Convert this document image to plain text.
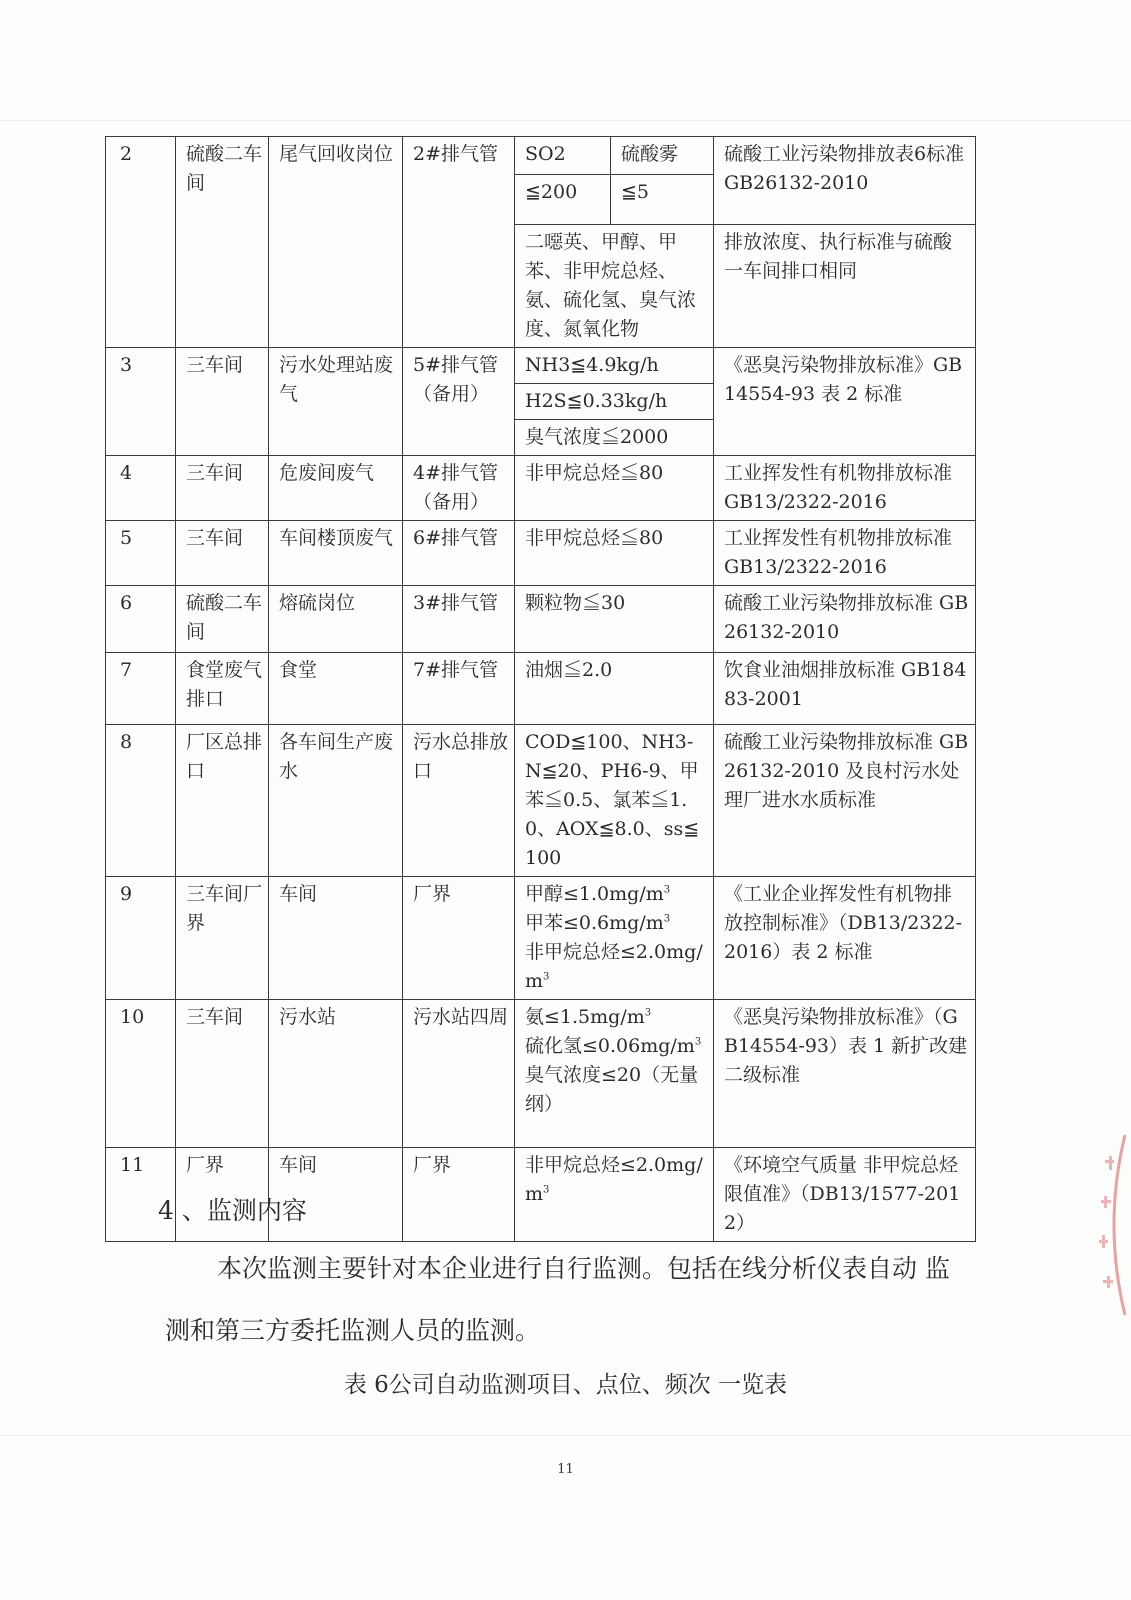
2	硫酸二车间	尾气回收岗位	2#排气管	SO2	硫酸雾	硫酸工业污染物排放表6标准 GB26132-2010
				≦200	≦5	
				二噁英、甲醇、甲苯、非甲烷总烃、氨、硫化氢、臭气浓度、氮氧化物		排放浓度、执行标准与硫酸一车间排口相同
3	三车间	污水处理站废气	5#排气管（备用）	NH3≦4.9kg/h		《恶臭污染物排放标准》GB14554-93 表 2 标准
				H2S≦0.33kg/h		
				臭气浓度≦2000		
4	三车间	危废间废气	4#排气管（备用）	非甲烷总烃≦80		工业挥发性有机物排放标准 GB13/2322-2016
5	三车间	车间楼顶废气	6#排气管	非甲烷总烃≦80		工业挥发性有机物排放标准 GB13/2322-2016
6	硫酸二车间	熔硫岗位	3#排气管	颗粒物≦30		硫酸工业污染物排放标准 GB26132-2010
7	食堂废气排口	食堂	7#排气管	油烟≦2.0		饮食业油烟排放标准 GB18483-2001
8	厂区总排口	各车间生产废水	污水总排放口	COD≦100、NH3-N≦20、PH6-9、甲苯≦0.5、氯苯≦1.0、AOX≦8.0、ss≦100		硫酸工业污染物排放标准 GB26132-2010 及良村污水处理厂进水水质标准
9	三车间厂界	车间	厂界	甲醇$\le 1.0mg/m^3$
甲苯$\le 0.6mg/m^3$
非甲烷总烃$\le 2.0mg/m^3$		《工业企业挥发性有机物排放控制标准》（DB13/2322-2016）表 2 标准
10	三车间	污水站	污水站四周	氨$\le 1.5mg/m^3$
硫化氢$\le 0.06mg/m^3$
臭气浓度≤20（无量纲）		《恶臭污染物排放标准》（GB14554-93）表 1 新扩改建二级标准
11	厂界	车间	厂界	非甲烷总烃$\le 2.0mg/m^3$		《环境空气质量 非甲烷总烃限值准》（DB13/1577-2012）
4 、监测内容
本次监测主要针对本企业进行自行监测。包括在线分析仪表自动 监测和第三方委托监测人员的监测。
表 6公司自动监测项目、点位、频次 一览表
11
